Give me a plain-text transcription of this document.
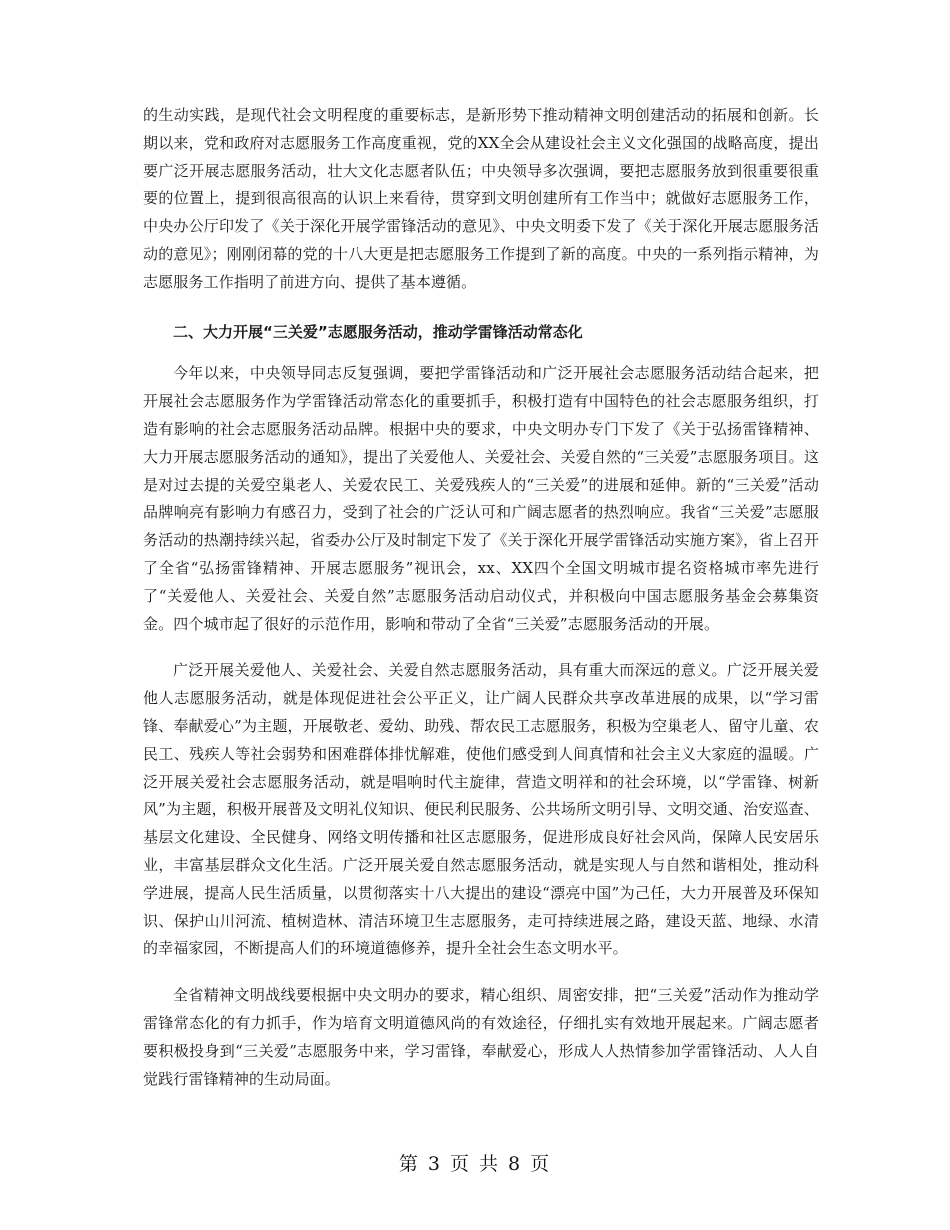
的生动实践，是现代社会文明程度的重要标志，是新形势下推动精神文明创建活动的拓展和创新。长期以来，党和政府对志愿服务工作高度重视，党的XX全会从建设社会主义文化强国的战略高度，提出要广泛开展志愿服务活动，壮大文化志愿者队伍；中央领导多次强调，要把志愿服务放到很重要很重要的位置上，提到很高很高的认识上来看待，贯穿到文明创建所有工作当中；就做好志愿服务工作，中央办公厅印发了《关于深化开展学雷锋活动的意见》、中央文明委下发了《关于深化开展志愿服务活动的意见》；刚刚闭幕的党的十八大更是把志愿服务工作提到了新的高度。中央的一系列指示精神，为志愿服务工作指明了前进方向、提供了基本遵循。

二、大力开展“三关爱”志愿服务活动，推动学雷锋活动常态化

今年以来，中央领导同志反复强调，要把学雷锋活动和广泛开展社会志愿服务活动结合起来，把开展社会志愿服务作为学雷锋活动常态化的重要抓手，积极打造有中国特色的社会志愿服务组织，打造有影响的社会志愿服务活动品牌。根据中央的要求，中央文明办专门下发了《关于弘扬雷锋精神、大力开展志愿服务活动的通知》，提出了关爱他人、关爱社会、关爱自然的“三关爱”志愿服务项目。这是对过去提的关爱空巢老人、关爱农民工、关爱残疾人的“三关爱”的进展和延伸。新的“三关爱”活动品牌响亮有影响力有感召力，受到了社会的广泛认可和广阔志愿者的热烈响应。我省“三关爱”志愿服务活动的热潮持续兴起，省委办公厅及时制定下发了《关于深化开展学雷锋活动实施方案》，省上召开了全省“弘扬雷锋精神、开展志愿服务”视讯会，xx、XX四个全国文明城市提名资格城市率先进行了“关爱他人、关爱社会、关爱自然”志愿服务活动启动仪式，并积极向中国志愿服务基金会募集资金。四个城市起了很好的示范作用，影响和带动了全省“三关爱”志愿服务活动的开展。

广泛开展关爱他人、关爱社会、关爱自然志愿服务活动，具有重大而深远的意义。广泛开展关爱他人志愿服务活动，就是体现促进社会公平正义，让广阔人民群众共享改革进展的成果，以“学习雷锋、奉献爱心”为主题，开展敬老、爱幼、助残、帮农民工志愿服务，积极为空巢老人、留守儿童、农民工、残疾人等社会弱势和困难群体排忧解难，使他们感受到人间真情和社会主义大家庭的温暖。广泛开展关爱社会志愿服务活动，就是唱响时代主旋律，营造文明祥和的社会环境，以“学雷锋、树新风”为主题，积极开展普及文明礼仪知识、便民利民服务、公共场所文明引导、文明交通、治安巡查、基层文化建设、全民健身、网络文明传播和社区志愿服务，促进形成良好社会风尚，保障人民安居乐业，丰富基层群众文化生活。广泛开展关爱自然志愿服务活动，就是实现人与自然和谐相处，推动科学进展，提高人民生活质量，以贯彻落实十八大提出的建设“漂亮中国”为己任，大力开展普及环保知识、保护山川河流、植树造林、清洁环境卫生志愿服务，走可持续进展之路，建设天蓝、地绿、水清的幸福家园，不断提高人们的环境道德修养，提升全社会生态文明水平。

全省精神文明战线要根据中央文明办的要求，精心组织、周密安排，把“三关爱”活动作为推动学雷锋常态化的有力抓手，作为培育文明道德风尚的有效途径，仔细扎实有效地开展起来。广阔志愿者要积极投身到“三关爱”志愿服务中来，学习雷锋，奉献爱心，形成人人热情参加学雷锋活动、人人自觉践行雷锋精神的生动局面。

第 3 页 共 8 页
